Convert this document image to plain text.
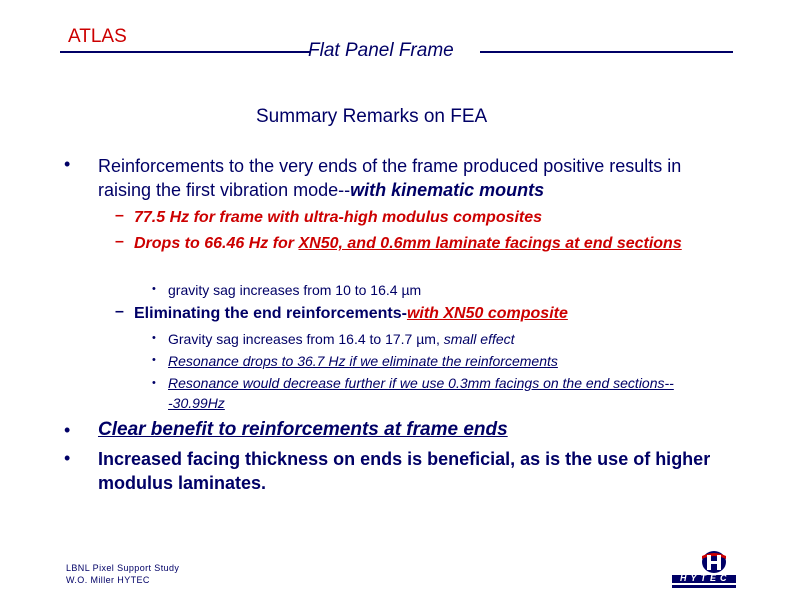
ATLAS
Flat Panel Frame
Summary Remarks on FEA
• Reinforcements to the very ends of the frame produced positive results in raising the first vibration mode--with kinematic mounts
– 77.5 Hz for frame with ultra-high modulus composites
– Drops to 66.46 Hz for XN50, and 0.6mm laminate facings at end sections
• gravity sag increases from 10 to 16.4 µm
– Eliminating the end reinforcements-with XN50 composite
• Gravity sag increases from 16.4 to 17.7 µm, small effect
• Resonance drops to 36.7 Hz if we eliminate the reinforcements
• Resonance would decrease further if we use 0.3mm facings on the end sections---30.99Hz
• Clear benefit to reinforcements at frame ends
• Increased facing thickness on ends is beneficial, as is the use of higher modulus laminates.
LBNL Pixel Support Study
W.O. Miller HYTEC	HYTEC
